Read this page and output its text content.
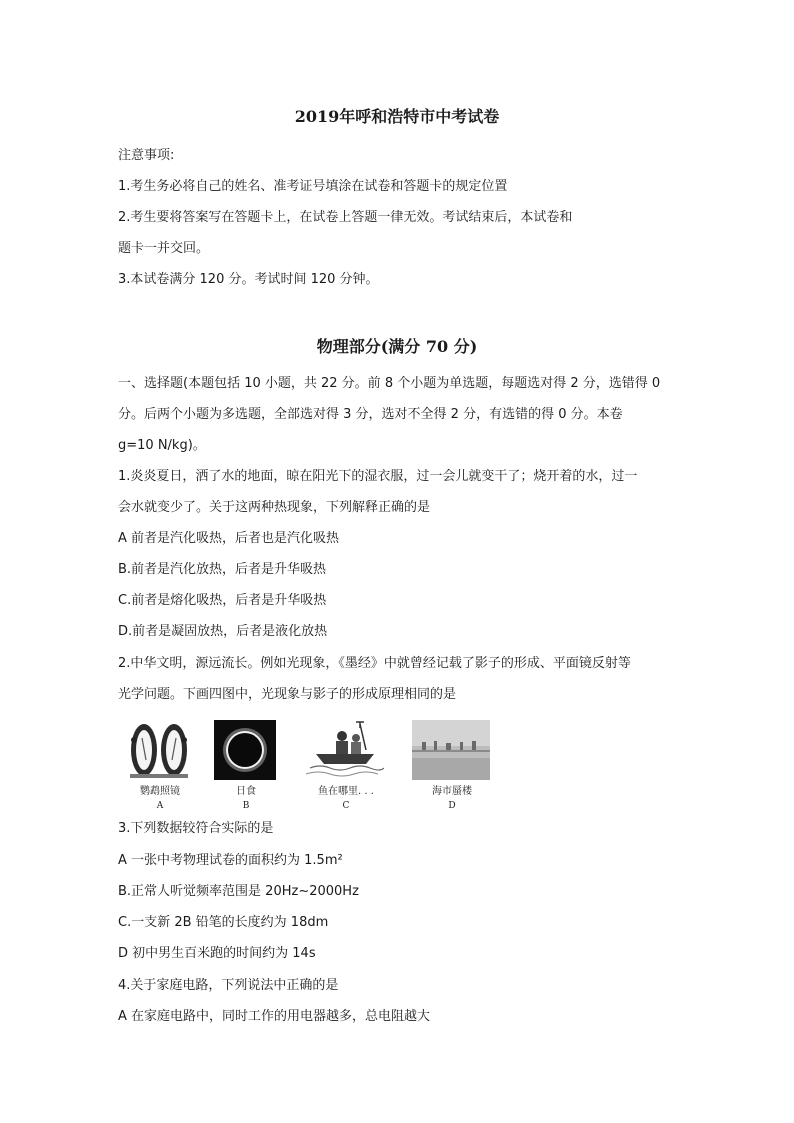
2019年呼和浩特市中考试卷
注意事项:
1.考生务必将自己的姓名、准考证号填涂在试卷和答题卡的规定位置
2.考生要将答案写在答题卡上，在试卷上答题一律无效。考试结束后，本试卷和
题卡一并交回。
3.本试卷满分 120 分。考试时间 120 分钟。
物理部分(满分 70 分)
一、选择题(本题包括 10 小题，共 22 分。前 8 个小题为单选题，每题选对得 2 分，选错得 0
分。后两个小题为多选题，全部选对得 3 分，选对不全得 2 分，有选错的得 0 分。本卷
g=10 N/kg)。
1.炎炎夏日，洒了水的地面，晾在阳光下的湿衣服，过一会儿就变干了；烧开着的水，过一
会水就变少了。关于这两种热现象，下列解释正确的是
A 前者是汽化吸热，后者也是汽化吸热
B.前者是汽化放热，后者是升华吸热
C.前者是熔化吸热，后者是升华吸热
D.前者是凝固放热，后者是液化放热
2.中华文明，源远流长。例如光现象，《墨经》中就曾经记载了影子的形成、平面镜反射等
光学问题。下画四图中，光现象与影子的形成原理相同的是
鹦鹉照镜
A
日食
B
鱼在哪里. . .
C
海市蜃楼
D
3.下列数据较符合实际的是
A 一张中考物理试卷的面积约为 1.5m²
B.正常人听觉频率范围是 20Hz~2000Hz
C.一支新 2B 铅笔的长度约为 18dm
D 初中男生百米跑的时间约为 14s
4.关于家庭电路，下列说法中正确的是
A 在家庭电路中，同时工作的用电器越多，总电阻越大
